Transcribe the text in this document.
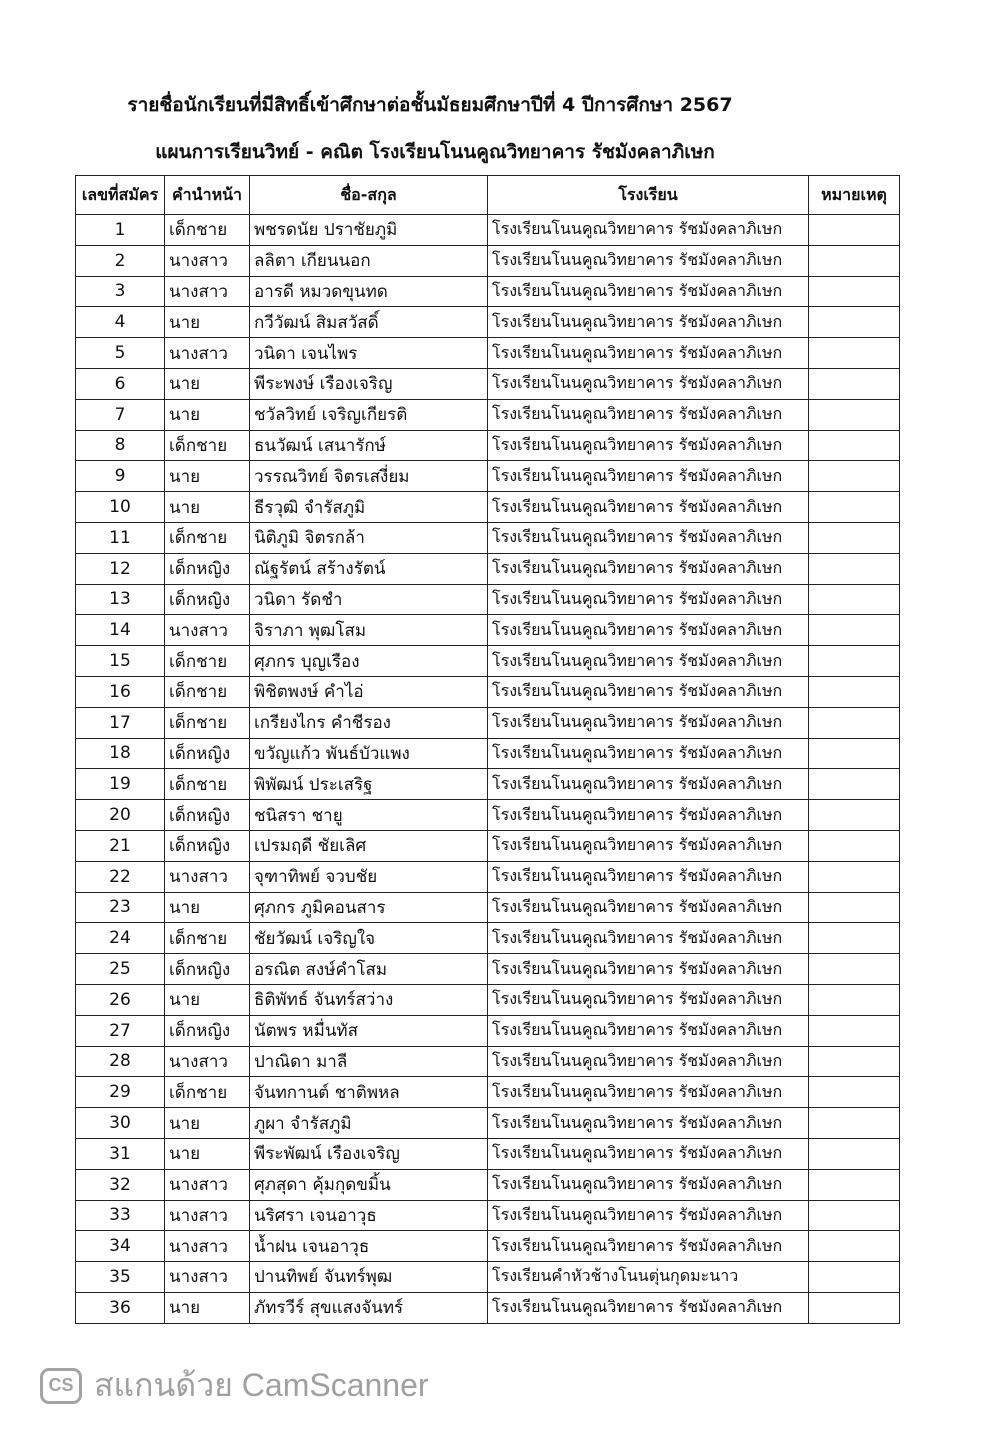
รายชื่อนักเรียนที่มีสิทธิ์เข้าศึกษาต่อชั้นมัธยมศึกษาปีที่ 4 ปีการศึกษา 2567
แผนการเรียนวิทย์ - คณิต โรงเรียนโนนคูณวิทยาคาร รัชมังคลาภิเษก
เลขที่สมัคร	คำนำหน้า	ชื่อ-สกุล	โรงเรียน	หมายเหตุ
1	เด็กชาย	พชรดนัย ปราชัยภูมิ	โรงเรียนโนนคูณวิทยาคาร รัชมังคลาภิเษก	
2	นางสาว	ลลิตา เกียนนอก	โรงเรียนโนนคูณวิทยาคาร รัชมังคลาภิเษก	
3	นางสาว	อารดี หมวดขุนทด	โรงเรียนโนนคูณวิทยาคาร รัชมังคลาภิเษก	
4	นาย	กวีวัฒน์ สิมสวัสดิ์	โรงเรียนโนนคูณวิทยาคาร รัชมังคลาภิเษก	
5	นางสาว	วนิดา เจนไพร	โรงเรียนโนนคูณวิทยาคาร รัชมังคลาภิเษก	
6	นาย	พีระพงษ์ เรืองเจริญ	โรงเรียนโนนคูณวิทยาคาร รัชมังคลาภิเษก	
7	นาย	ชวัลวิทย์ เจริญเกียรติ	โรงเรียนโนนคูณวิทยาคาร รัชมังคลาภิเษก	
8	เด็กชาย	ธนวัฒน์ เสนารักษ์	โรงเรียนโนนคูณวิทยาคาร รัชมังคลาภิเษก	
9	นาย	วรรณวิทย์ จิตรเสงี่ยม	โรงเรียนโนนคูณวิทยาคาร รัชมังคลาภิเษก	
10	นาย	ธีรวุฒิ จำรัสภูมิ	โรงเรียนโนนคูณวิทยาคาร รัชมังคลาภิเษก	
11	เด็กชาย	นิติภูมิ จิตรกล้า	โรงเรียนโนนคูณวิทยาคาร รัชมังคลาภิเษก	
12	เด็กหญิง	ณัฐรัตน์ สร้างรัตน์	โรงเรียนโนนคูณวิทยาคาร รัชมังคลาภิเษก	
13	เด็กหญิง	วนิดา รัดชำ	โรงเรียนโนนคูณวิทยาคาร รัชมังคลาภิเษก	
14	นางสาว	จิราภา พุฒโสม	โรงเรียนโนนคูณวิทยาคาร รัชมังคลาภิเษก	
15	เด็กชาย	ศุภกร บุญเรือง	โรงเรียนโนนคูณวิทยาคาร รัชมังคลาภิเษก	
16	เด็กชาย	พิชิตพงษ์ คำไอ่	โรงเรียนโนนคูณวิทยาคาร รัชมังคลาภิเษก	
17	เด็กชาย	เกรียงไกร คำชีรอง	โรงเรียนโนนคูณวิทยาคาร รัชมังคลาภิเษก	
18	เด็กหญิง	ขวัญแก้ว พันธ์บัวแพง	โรงเรียนโนนคูณวิทยาคาร รัชมังคลาภิเษก	
19	เด็กชาย	พิพัฒน์ ประเสริฐ	โรงเรียนโนนคูณวิทยาคาร รัชมังคลาภิเษก	
20	เด็กหญิง	ชนิสรา ชายู	โรงเรียนโนนคูณวิทยาคาร รัชมังคลาภิเษก	
21	เด็กหญิง	เปรมฤดี ชัยเลิศ	โรงเรียนโนนคูณวิทยาคาร รัชมังคลาภิเษก	
22	นางสาว	จุฑาทิพย์ จวบชัย	โรงเรียนโนนคูณวิทยาคาร รัชมังคลาภิเษก	
23	นาย	ศุภกร ภูมิคอนสาร	โรงเรียนโนนคูณวิทยาคาร รัชมังคลาภิเษก	
24	เด็กชาย	ชัยวัฒน์ เจริญใจ	โรงเรียนโนนคูณวิทยาคาร รัชมังคลาภิเษก	
25	เด็กหญิง	อรณิต สงษ์คำโสม	โรงเรียนโนนคูณวิทยาคาร รัชมังคลาภิเษก	
26	นาย	ธิติพัทธ์ จันทร์สว่าง	โรงเรียนโนนคูณวิทยาคาร รัชมังคลาภิเษก	
27	เด็กหญิง	นัตพร หมื่นทัส	โรงเรียนโนนคูณวิทยาคาร รัชมังคลาภิเษก	
28	นางสาว	ปาณิดา มาลี	โรงเรียนโนนคูณวิทยาคาร รัชมังคลาภิเษก	
29	เด็กชาย	จันทกานต์ ชาติพหล	โรงเรียนโนนคูณวิทยาคาร รัชมังคลาภิเษก	
30	นาย	ภูผา จำรัสภูมิ	โรงเรียนโนนคูณวิทยาคาร รัชมังคลาภิเษก	
31	นาย	พีระพัฒน์ เรืองเจริญ	โรงเรียนโนนคูณวิทยาคาร รัชมังคลาภิเษก	
32	นางสาว	ศุภสุดา คุ้มกุดขมิ้น	โรงเรียนโนนคูณวิทยาคาร รัชมังคลาภิเษก	
33	นางสาว	นริศรา เจนอาวุธ	โรงเรียนโนนคูณวิทยาคาร รัชมังคลาภิเษก	
34	นางสาว	น้ำฝน เจนอาวุธ	โรงเรียนโนนคูณวิทยาคาร รัชมังคลาภิเษก	
35	นางสาว	ปานทิพย์ จันทร์พุฒ	โรงเรียนคำหัวช้างโนนตุ่นกุดมะนาว	
36	นาย	ภัทรวีร์ สุขแสงจันทร์	โรงเรียนโนนคูณวิทยาคาร รัชมังคลาภิเษก	
CS สแกนด้วย CamScanner
